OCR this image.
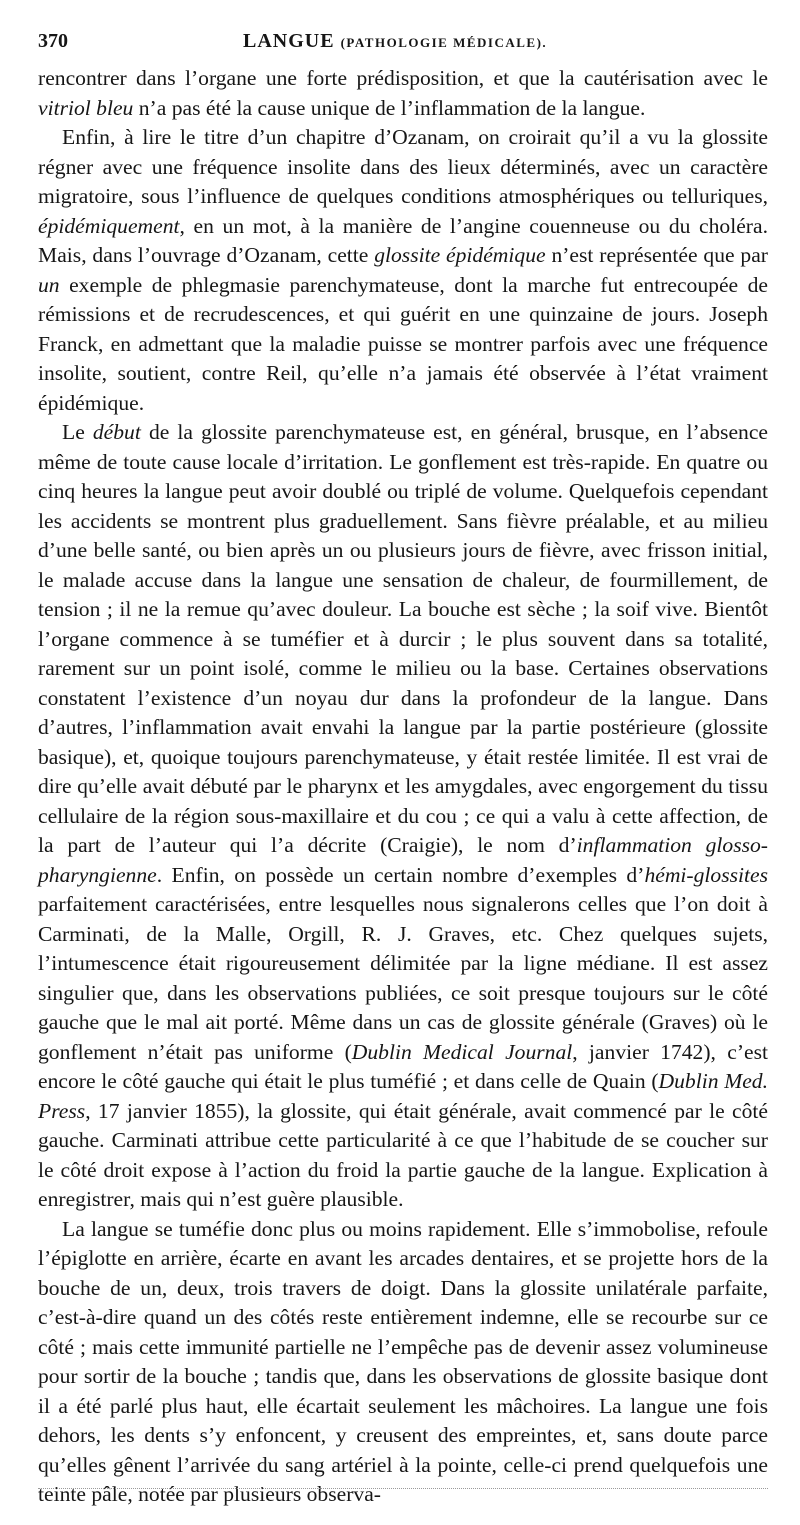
370	LANGUE (PATHOLOGIE MÉDICALE).

rencontrer dans l’organe une forte prédisposition, et que la cautérisation avec le vitriol bleu n’a pas été la cause unique de l’inflammation de la langue.

Enfin, à lire le titre d’un chapitre d’Ozanam, on croirait qu’il a vu la glossite régner avec une fréquence insolite dans des lieux déterminés, avec un caractère migratoire, sous l’influence de quelques conditions atmosphériques ou telluriques, épidémiquement, en un mot, à la manière de l’angine couenneuse ou du choléra. Mais, dans l’ouvrage d’Ozanam, cette glossite épidémique n’est représentée que par un exemple de phlegmasie parenchymateuse, dont la marche fut entrecoupée de rémissions et de recrudescences, et qui guérit en une quinzaine de jours. Joseph Franck, en admettant que la maladie puisse se montrer parfois avec une fréquence insolite, soutient, contre Reil, qu’elle n’a jamais été observée à l’état vraiment épidémique.

Le début de la glossite parenchymateuse est, en général, brusque, en l’absence même de toute cause locale d’irritation. Le gonflement est très-rapide. En quatre ou cinq heures la langue peut avoir doublé ou triplé de volume. Quelquefois cependant les accidents se montrent plus graduellement. Sans fièvre préalable, et au milieu d’une belle santé, ou bien après un ou plusieurs jours de fièvre, avec frisson initial, le malade accuse dans la langue une sensation de chaleur, de fourmillement, de tension ; il ne la remue qu’avec douleur. La bouche est sèche ; la soif vive. Bientôt l’organe commence à se tuméfier et à durcir ; le plus souvent dans sa totalité, rarement sur un point isolé, comme le milieu ou la base. Certaines observations constatent l’existence d’un noyau dur dans la profondeur de la langue. Dans d’autres, l’inflammation avait envahi la langue par la partie postérieure (glossite basique), et, quoique toujours parenchymateuse, y était restée limitée. Il est vrai de dire qu’elle avait débuté par le pharynx et les amygdales, avec engorgement du tissu cellulaire de la région sous-maxillaire et du cou ; ce qui a valu à cette affection, de la part de l’auteur qui l’a décrite (Craigie), le nom d’inflammation glosso-pharyngienne. Enfin, on possède un certain nombre d’exemples d’hémi-glossites parfaitement caractérisées, entre lesquelles nous signalerons celles que l’on doit à Carminati, de la Malle, Orgill, R. J. Graves, etc. Chez quelques sujets, l’intumescence était rigoureusement délimitée par la ligne médiane. Il est assez singulier que, dans les observations publiées, ce soit presque toujours sur le côté gauche que le mal ait porté. Même dans un cas de glossite générale (Graves) où le gonflement n’était pas uniforme (Dublin Medical Journal, janvier 1742), c’est encore le côté gauche qui était le plus tuméfié ; et dans celle de Quain (Dublin Med. Press, 17 janvier 1855), la glossite, qui était générale, avait commencé par le côté gauche. Carminati attribue cette particularité à ce que l’habitude de se coucher sur le côté droit expose à l’action du froid la partie gauche de la langue. Explication à enregistrer, mais qui n’est guère plausible.

La langue se tuméfie donc plus ou moins rapidement. Elle s’immobolise, refoule l’épiglotte en arrière, écarte en avant les arcades dentaires, et se projette hors de la bouche de un, deux, trois travers de doigt. Dans la glossite unilatérale parfaite, c’est-à-dire quand un des côtés reste entièrement indemne, elle se recourbe sur ce côté ; mais cette immunité partielle ne l’empêche pas de devenir assez volumineuse pour sortir de la bouche ; tandis que, dans les observations de glossite basique dont il a été parlé plus haut, elle écartait seulement les mâchoires. La langue une fois dehors, les dents s’y enfoncent, y creusent des empreintes, et, sans doute parce qu’elles gênent l’arrivée du sang artériel à la pointe, celle-ci prend quelquefois une teinte pâle, notée par plusieurs observa-
